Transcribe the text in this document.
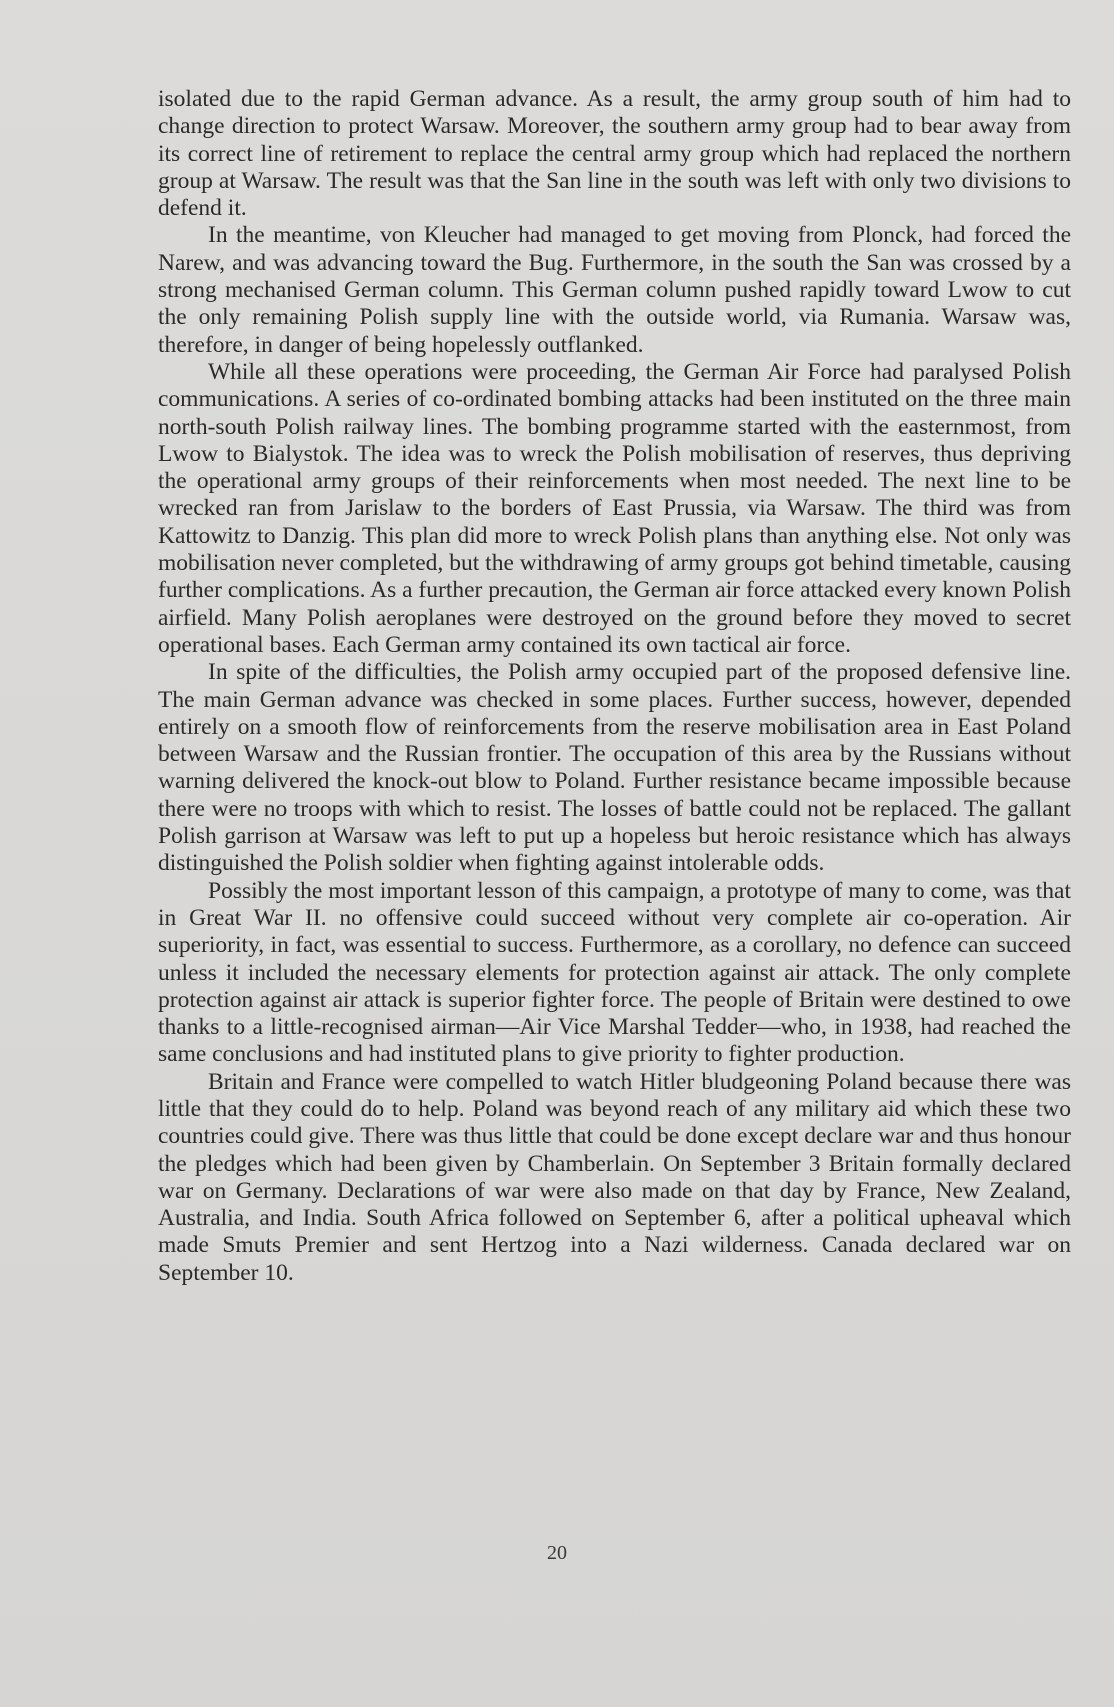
isolated due to the rapid German advance. As a result, the army group south of him had to change direction to protect Warsaw. Moreover, the southern army group had to bear away from its correct line of retirement to replace the central army group which had replaced the northern group at Warsaw. The result was that the San line in the south was left with only two divisions to defend it.

In the meantime, von Kleucher had managed to get moving from Plonck, had forced the Narew, and was advancing toward the Bug. Furthermore, in the south the San was crossed by a strong mechanised German column. This German column pushed rapidly toward Lwow to cut the only remaining Polish supply line with the outside world, via Rumania. Warsaw was, therefore, in danger of being hopelessly outflanked.

While all these operations were proceeding, the German Air Force had paralysed Polish communications. A series of co-ordinated bombing attacks had been instituted on the three main north-south Polish railway lines. The bombing programme started with the easternmost, from Lwow to Bialystok. The idea was to wreck the Polish mobilisation of reserves, thus depriving the operational army groups of their reinforcements when most needed. The next line to be wrecked ran from Jarislaw to the borders of East Prussia, via Warsaw. The third was from Kattowitz to Danzig. This plan did more to wreck Polish plans than anything else. Not only was mobilisation never completed, but the withdrawing of army groups got behind timetable, causing further complications. As a further precaution, the German air force attacked every known Polish airfield. Many Polish aeroplanes were destroyed on the ground before they moved to secret operational bases. Each German army contained its own tactical air force.

In spite of the difficulties, the Polish army occupied part of the proposed defensive line. The main German advance was checked in some places. Further success, however, depended entirely on a smooth flow of reinforcements from the reserve mobilisation area in East Poland between Warsaw and the Russian frontier. The occupation of this area by the Russians without warning delivered the knock-out blow to Poland. Further resistance became impossible because there were no troops with which to resist. The losses of battle could not be replaced. The gallant Polish garrison at Warsaw was left to put up a hopeless but heroic resistance which has always distinguished the Polish soldier when fighting against intolerable odds.

Possibly the most important lesson of this campaign, a prototype of many to come, was that in Great War II. no offensive could succeed without very complete air co-operation. Air superiority, in fact, was essential to success. Furthermore, as a corollary, no defence can succeed unless it included the necessary elements for protection against air attack. The only complete protection against air attack is superior fighter force. The people of Britain were destined to owe thanks to a little-recognised airman—Air Vice Marshal Tedder—who, in 1938, had reached the same conclusions and had instituted plans to give priority to fighter production.

Britain and France were compelled to watch Hitler bludgeoning Poland because there was little that they could do to help. Poland was beyond reach of any military aid which these two countries could give. There was thus little that could be done except declare war and thus honour the pledges which had been given by Chamberlain. On September 3 Britain formally declared war on Germany. Declarations of war were also made on that day by France, New Zealand, Australia, and India. South Africa followed on September 6, after a political upheaval which made Smuts Premier and sent Hertzog into a Nazi wilderness. Canada declared war on September 10.

20
